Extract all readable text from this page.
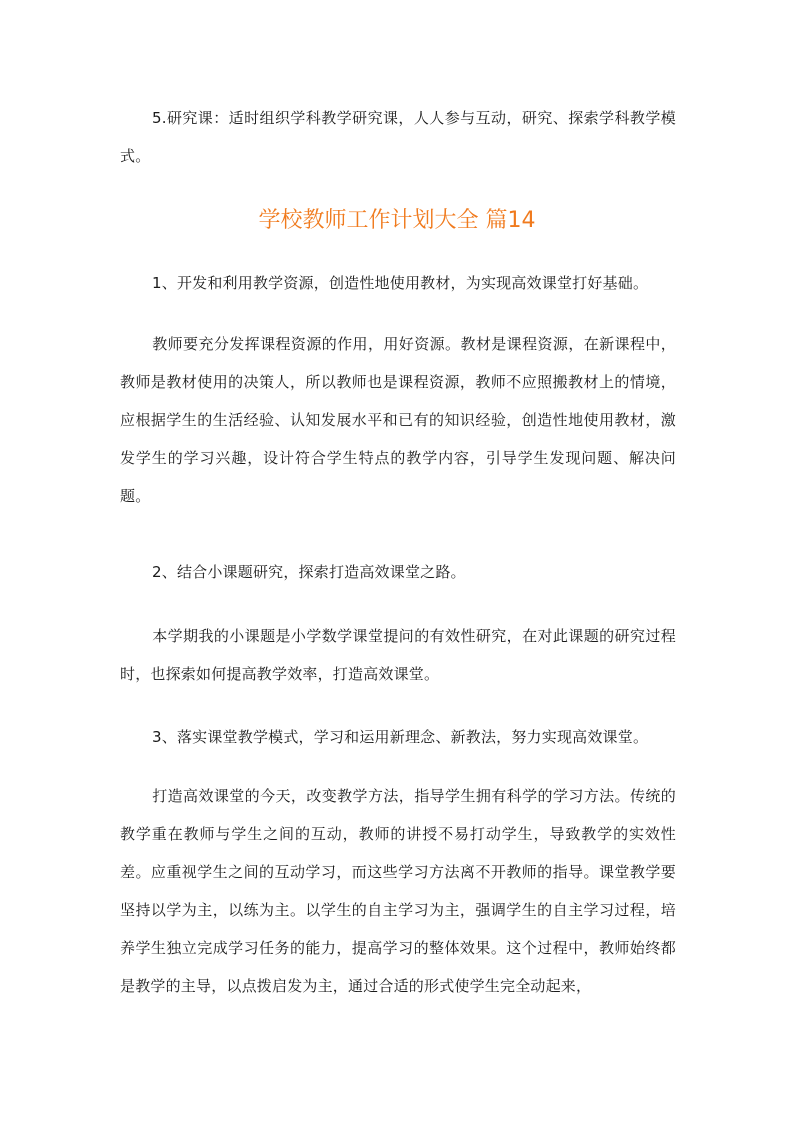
5.研究课：适时组织学科教学研究课，人人参与互动，研究、探索学科教学模式。

学校教师工作计划大全 篇14

1、开发和利用教学资源，创造性地使用教材，为实现高效课堂打好基础。

教师要充分发挥课程资源的作用，用好资源。教材是课程资源，在新课程中，教师是教材使用的决策人，所以教师也是课程资源，教师不应照搬教材上的情境，应根据学生的生活经验、认知发展水平和已有的知识经验，创造性地使用教材，激发学生的学习兴趣，设计符合学生特点的教学内容，引导学生发现问题、解决问题。

2、结合小课题研究，探索打造高效课堂之路。

本学期我的小课题是小学数学课堂提问的有效性研究，在对此课题的研究过程时，也探索如何提高教学效率，打造高效课堂。

3、落实课堂教学模式，学习和运用新理念、新教法，努力实现高效课堂。

打造高效课堂的今天，改变教学方法，指导学生拥有科学的学习方法。传统的教学重在教师与学生之间的互动，教师的讲授不易打动学生，导致教学的实效性差。应重视学生之间的互动学习，而这些学习方法离不开教师的指导。课堂教学要坚持以学为主，以练为主。以学生的自主学习为主，强调学生的自主学习过程，培养学生独立完成学习任务的能力，提高学习的整体效果。这个过程中，教师始终都是教学的主导，以点拨启发为主，通过合适的形式使学生完全动起来，
